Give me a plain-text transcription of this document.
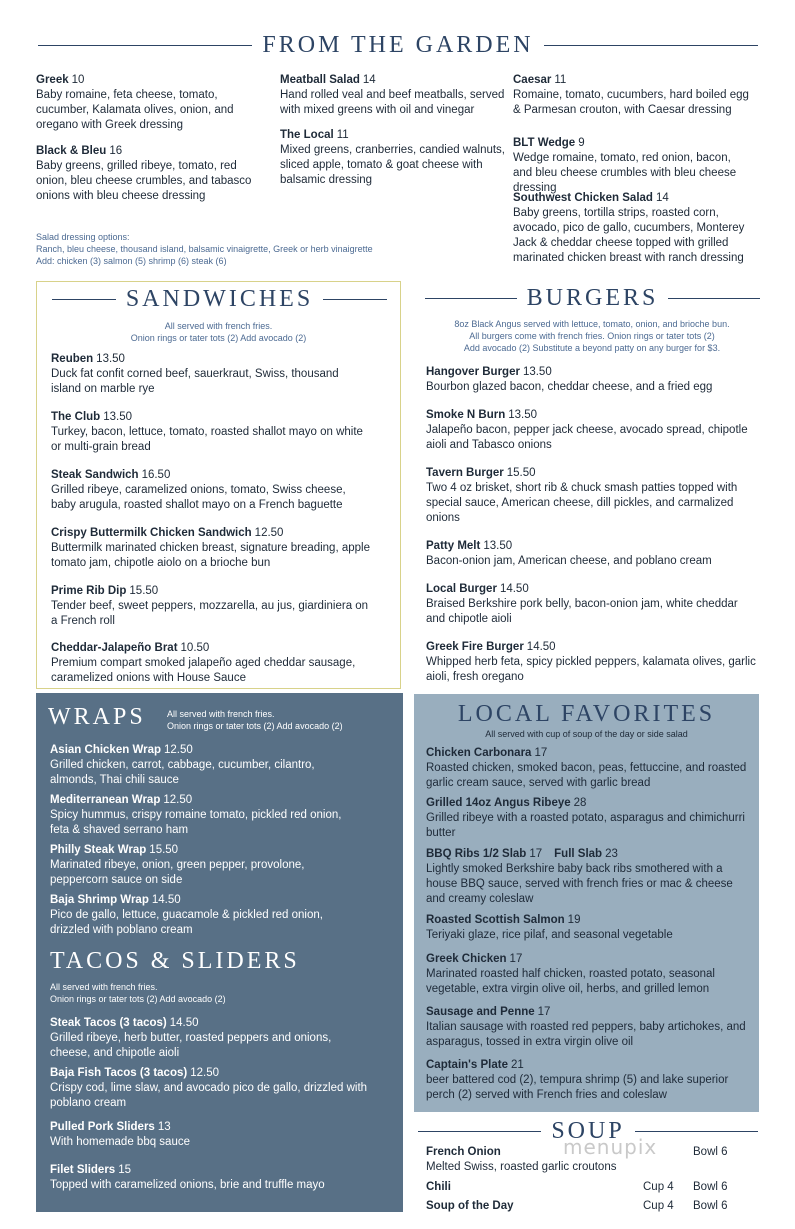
FROM THE GARDEN
Greek 10
Baby romaine, feta cheese, tomato, cucumber, Kalamata olives, onion, and oregano with Greek dressing
Black & Bleu 16
Baby greens, grilled ribeye, tomato, red onion, bleu cheese crumbles, and tabasco onions with bleu cheese dressing
Meatball Salad 14
Hand rolled veal and beef meatballs, served with mixed greens with oil and vinegar
The Local 11
Mixed greens, cranberries, candied walnuts, sliced apple, tomato & goat cheese with balsamic dressing
Caesar 11
Romaine, tomato, cucumbers, hard boiled egg & Parmesan crouton, with Caesar dressing
BLT Wedge 9
Wedge romaine, tomato, red onion, bacon, and bleu cheese crumbles with bleu cheese dressing
Southwest Chicken Salad 14
Baby greens, tortilla strips, roasted corn, avocado, pico de gallo, cucumbers, Monterey Jack & cheddar cheese topped with grilled marinated chicken breast with ranch dressing
Salad dressing options:
Ranch, bleu cheese, thousand island, balsamic vinaigrette, Greek or herb vinaigrette
Add: chicken (3) salmon (5) shrimp (6) steak (6)
SANDWICHES
All served with french fries.
Onion rings or tater tots (2) Add avocado (2)
Reuben 13.50
Duck fat confit corned beef, sauerkraut, Swiss, thousand island on marble rye
The Club 13.50
Turkey, bacon, lettuce, tomato, roasted shallot mayo on white or multi-grain bread
Steak Sandwich 16.50
Grilled ribeye, caramelized onions, tomato, Swiss cheese, baby arugula, roasted shallot mayo on a French baguette
Crispy Buttermilk Chicken Sandwich 12.50
Buttermilk marinated chicken breast, signature breading, apple tomato jam, chipotle aiolo on a brioche bun
Prime Rib Dip 15.50
Tender beef, sweet peppers, mozzarella, au jus, giardiniera on a French roll
Cheddar-Jalapeño Brat 10.50
Premium compart smoked jalapeño aged cheddar sausage, caramelized onions with House Sauce
BURGERS
8oz Black Angus served with lettuce, tomato, onion, and brioche bun.
All burgers come with french fries. Onion rings or tater tots (2)
Add avocado (2) Substitute a beyond patty on any burger for $3.
Hangover Burger 13.50
Bourbon glazed bacon, cheddar cheese, and a fried egg
Smoke N Burn 13.50
Jalapeño bacon, pepper jack cheese, avocado spread, chipotle aioli and Tabasco onions
Tavern Burger 15.50
Two 4 oz brisket, short rib & chuck smash patties topped with special sauce, American cheese, dill pickles, and carmalized onions
Patty Melt 13.50
Bacon-onion jam, American cheese, and poblano cream
Local Burger 14.50
Braised Berkshire pork belly, bacon-onion jam, white cheddar and chipotle aioli
Greek Fire Burger 14.50
Whipped herb feta, spicy pickled peppers, kalamata olives, garlic aioli, fresh oregano
WRAPS All served with french fries.
Onion rings or tater tots (2) Add avocado (2)
Asian Chicken Wrap 12.50
Grilled chicken, carrot, cabbage, cucumber, cilantro, almonds, Thai chili sauce
Mediterranean Wrap 12.50
Spicy hummus, crispy romaine tomato, pickled red onion, feta & shaved serrano ham
Philly Steak Wrap 15.50
Marinated ribeye, onion, green pepper, provolone, peppercorn sauce on side
Baja Shrimp Wrap 14.50
Pico de gallo, lettuce, guacamole & pickled red onion, drizzled with poblano cream
TACOS & SLIDERS
All served with french fries.
Onion rings or tater tots (2) Add avocado (2)
Steak Tacos (3 tacos) 14.50
Grilled ribeye, herb butter, roasted peppers and onions, cheese, and chipotle aioli
Baja Fish Tacos (3 tacos) 12.50
Crispy cod, lime slaw, and avocado pico de gallo, drizzled with poblano cream
Pulled Pork Sliders 13
With homemade bbq sauce
Filet Sliders 15
Topped with caramelized onions, brie and truffle mayo
LOCAL FAVORITES
All served with cup of soup of the day or side salad
Chicken Carbonara 17
Roasted chicken, smoked bacon, peas, fettuccine, and roasted garlic cream sauce, served with garlic bread
Grilled 14oz Angus Ribeye 28
Grilled ribeye with a roasted potato, asparagus and chimichurri butter
BBQ Ribs 1/2 Slab 17 Full Slab 23
Lightly smoked Berkshire baby back ribs smothered with a house BBQ sauce, served with french fries or mac & cheese and creamy coleslaw
Roasted Scottish Salmon 19
Teriyaki glaze, rice pilaf, and seasonal vegetable
Greek Chicken 17
Marinated roasted half chicken, roasted potato, seasonal vegetable, extra virgin olive oil, herbs, and grilled lemon
Sausage and Penne 17
Italian sausage with roasted red peppers, baby artichokes, and asparagus, tossed in extra virgin olive oil
Captain's Plate 21
beer battered cod (2), tempura shrimp (5) and lake superior perch (2) served with French fries and coleslaw
SOUP
menupix
French Onion	Bowl 6
Melted Swiss, roasted garlic croutons
Chili	Cup 4 Bowl 6
Soup of the Day	Cup 4 Bowl 6
